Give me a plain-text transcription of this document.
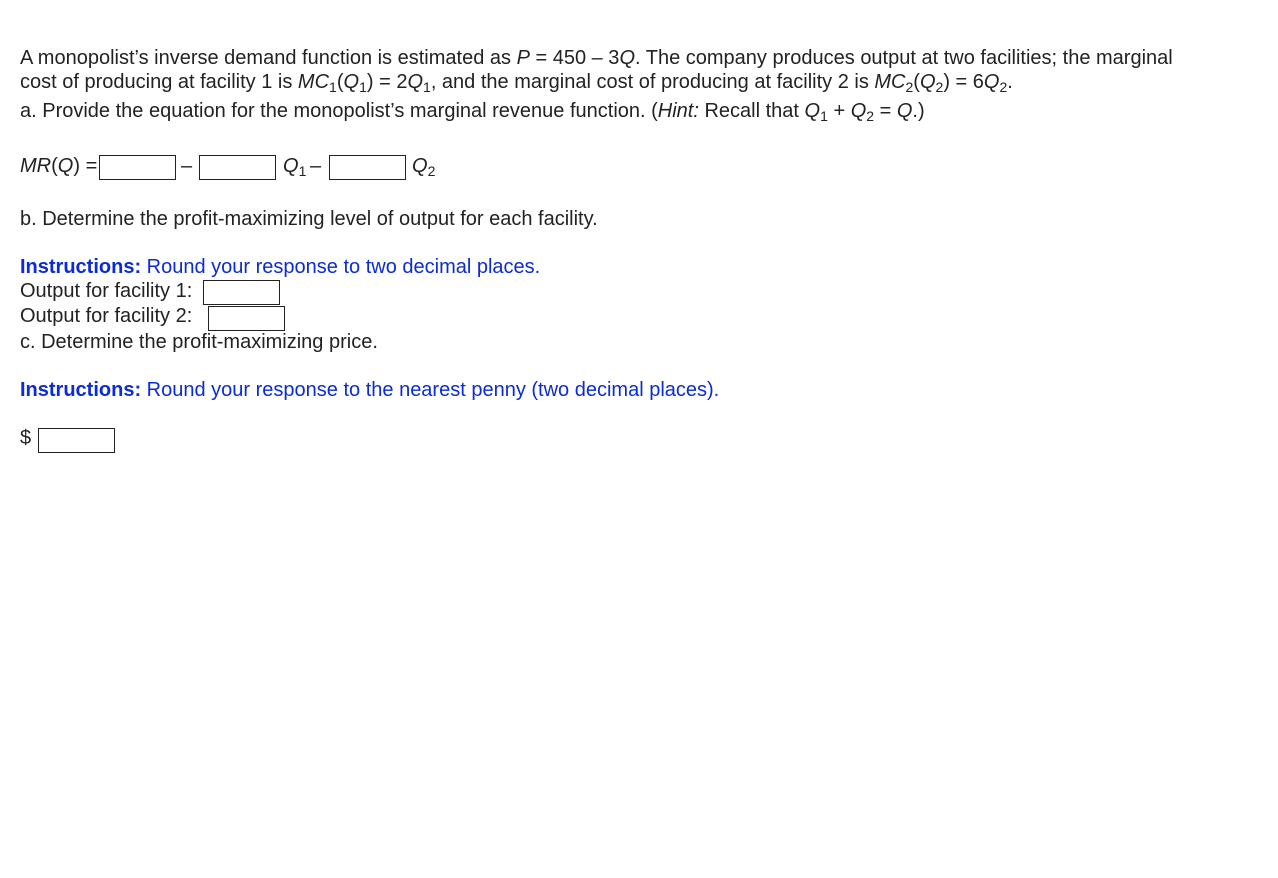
A monopolist’s inverse demand function is estimated as P = 450 – 3Q. The company produces output at two facilities; the marginal
cost of producing at facility 1 is $MC_1(Q_1) = 2Q_1$, and the marginal cost of producing at facility 2 is $MC_2(Q_2) = 6Q_2$.
a. Provide the equation for the monopolist’s marginal revenue function. (Hint: Recall that $Q_1 + Q_2 = Q$.)
MR(Q) =	–	$Q_1$ –	$Q_2$
b. Determine the profit-maximizing level of output for each facility.
Instructions: Round your response to two decimal places.
Output for facility 1:
Output for facility 2:
c. Determine the profit-maximizing price.
Instructions: Round your response to the nearest penny (two decimal places).
$
